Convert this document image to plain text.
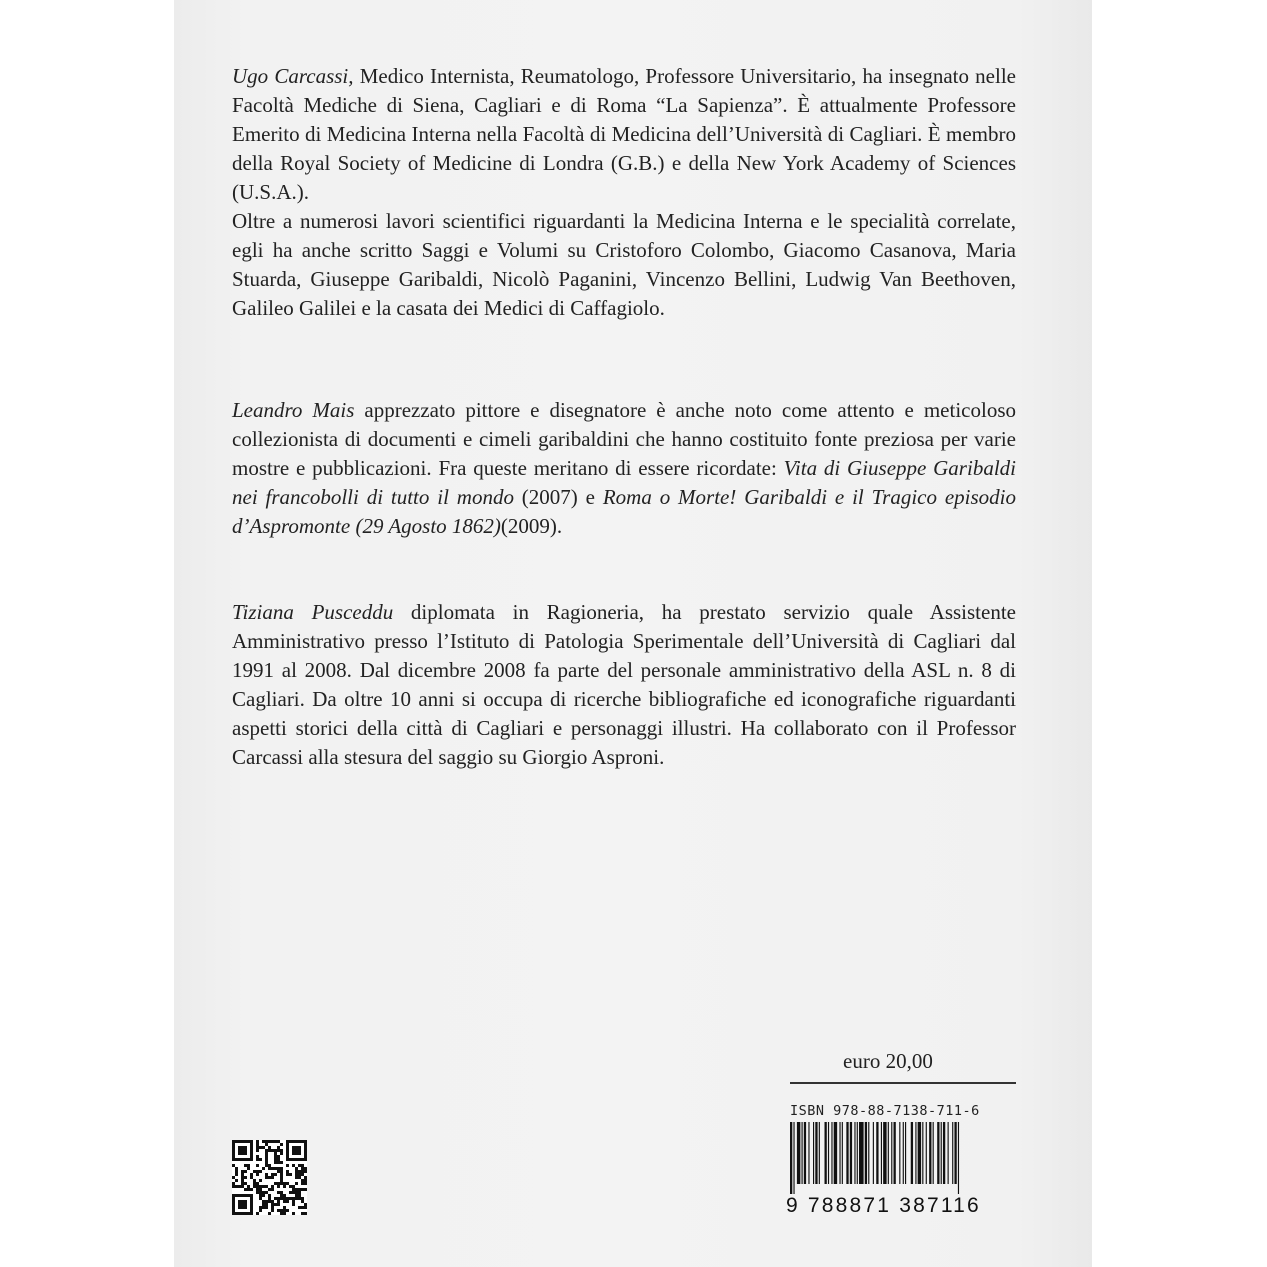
Ugo Carcassi, Medico Internista, Reumatologo, Professore Universitario, ha insegnato nelle Facoltà Mediche di Siena, Cagliari e di Roma “La Sapienza”. È attualmente Professore Emerito di Medicina Interna nella Facoltà di Medicina dell’Università di Cagliari. È membro della Royal Society of Medicine di Londra (G.B.) e della New York Academy of Sciences (U.S.A.).

Oltre a numerosi lavori scientifici riguardanti la Medicina Interna e le specialità correlate, egli ha anche scritto Saggi e Volumi su Cristoforo Colombo, Giacomo Casanova, Maria Stuarda, Giuseppe Garibaldi, Nicolò Paganini, Vincenzo Bellini, Ludwig Van Beethoven, Galileo Galilei e la casata dei Medici di Caffagiolo.

Leandro Mais apprezzato pittore e disegnatore è anche noto come attento e meticoloso collezionista di documenti e cimeli garibaldini che hanno costituito fonte preziosa per varie mostre e pubblicazioni. Fra queste meritano di essere ricordate: Vita di Giuseppe Garibaldi nei francobolli di tutto il mondo (2007) e Roma o Morte! Garibaldi e il Tragico episodio d’Aspromonte (29 Agosto 1862)(2009).

Tiziana Pusceddu diplomata in Ragioneria, ha prestato servizio quale Assistente Amministrativo presso l’Istituto di Patologia Sperimentale dell’Università di Cagliari dal 1991 al 2008. Dal dicembre 2008 fa parte del personale amministrativo della ASL n. 8 di Cagliari. Da oltre 10 anni si occupa di ricerche bibliografiche ed iconografiche riguardanti aspetti storici della città di Cagliari e personaggi illustri. Ha collaborato con il Professor Carcassi alla stesura del saggio su Giorgio Asproni.

euro 20,00
ISBN 978-88-7138-711-6
9 788871 387116
